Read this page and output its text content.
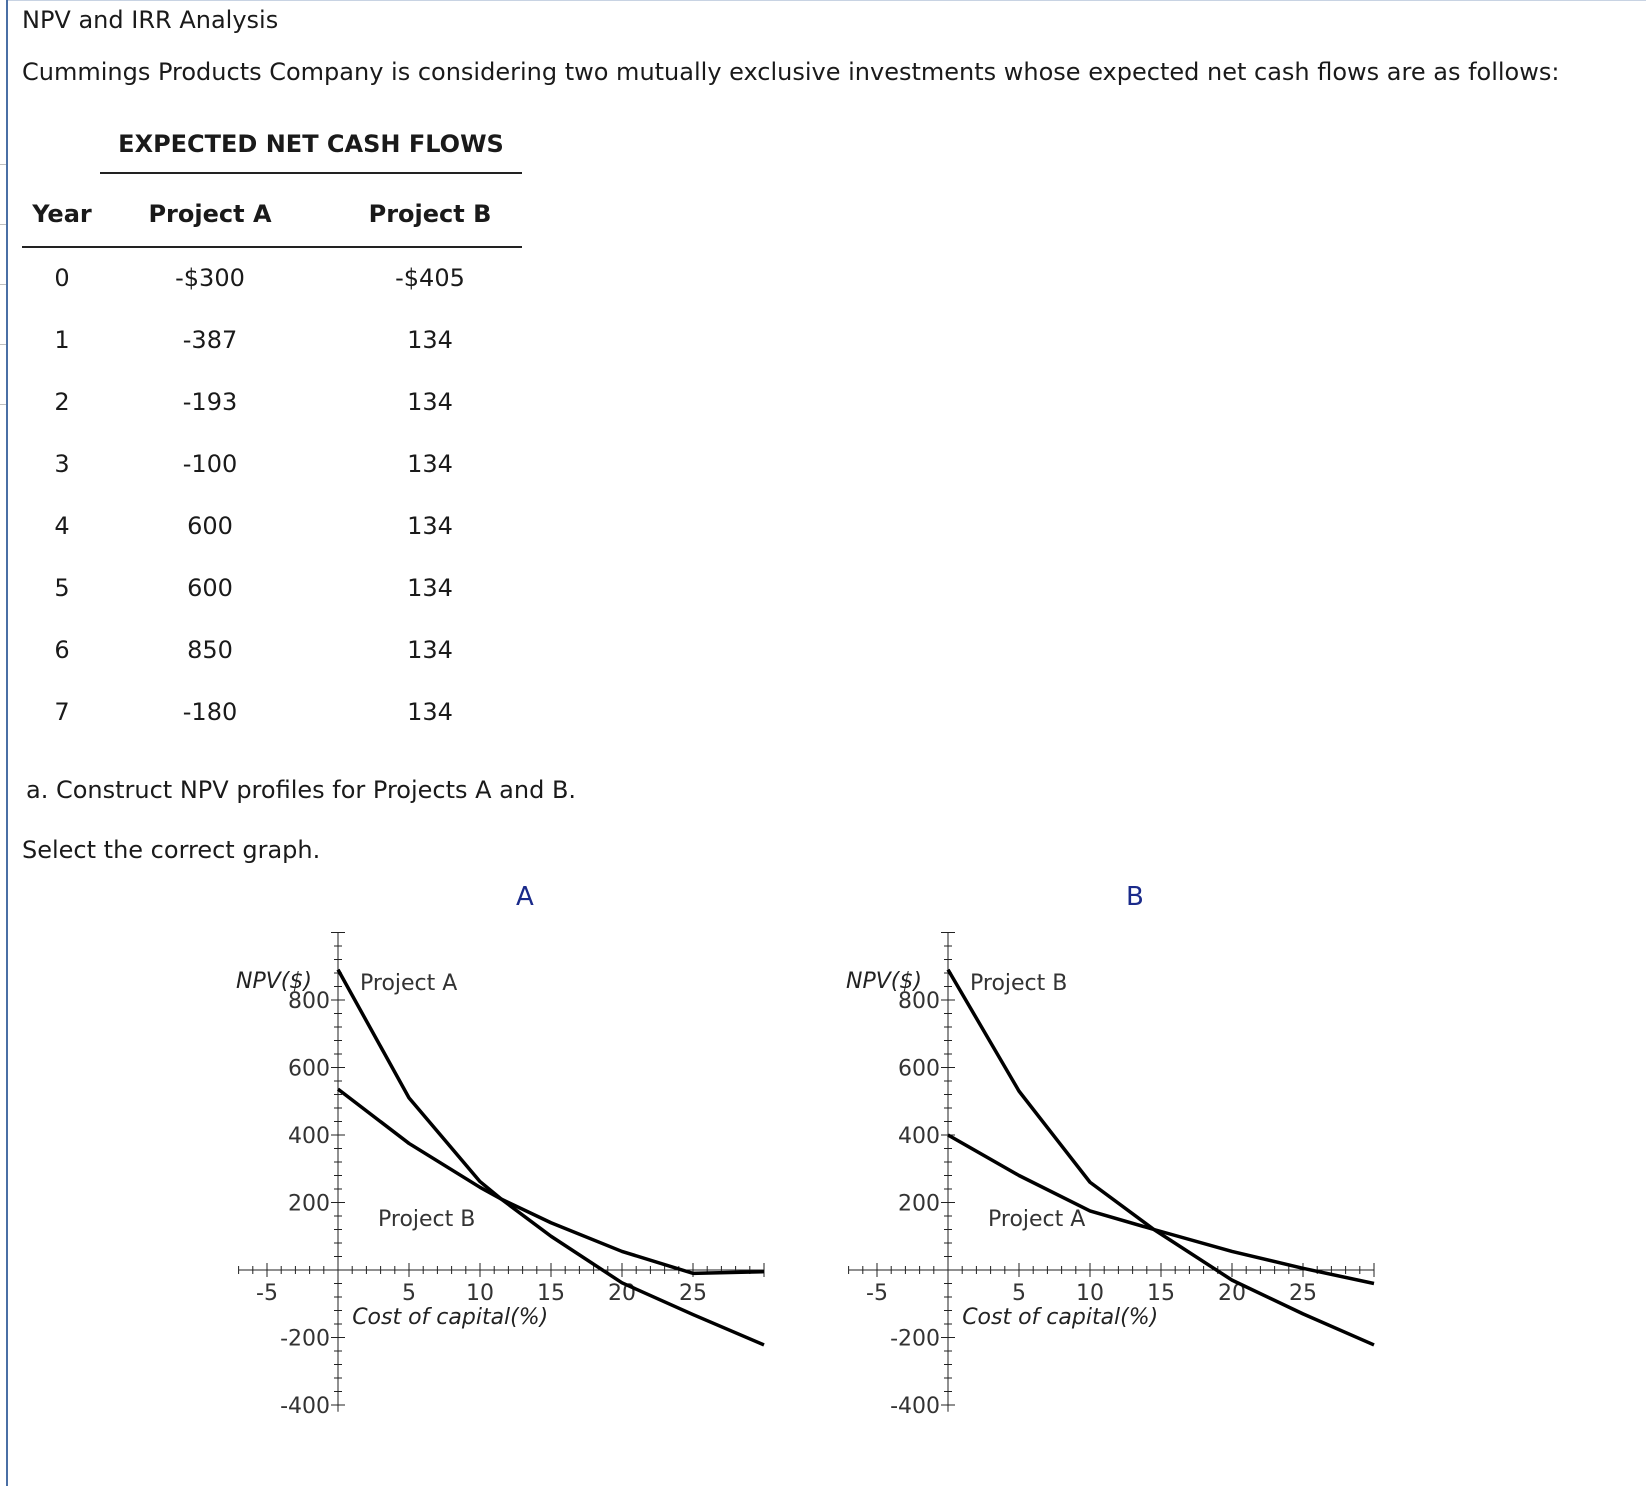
NPV and IRR Analysis
Cummings Products Company is considering two mutually exclusive investments whose expected net cash flows are as follows:
EXPECTED NET CASH FLOWS
Year	Project A	Project B
0	-$300	-$405
1	-387	134
2	-193	134
3	-100	134
4	600	134
5	600	134
6	850	134
7	-180	134
a. Construct NPV profiles for Projects A and B.
Select the correct graph.
A	B
-5	5 10 15 20 25
800
600
400
200
-200
-400
NPV($)
Cost of capital(%)
Project A
Project B
-5	5 10 15 20 25
800
600
400
200
-200
-400
NPV($)
Cost of capital(%)
Project B
Project A
